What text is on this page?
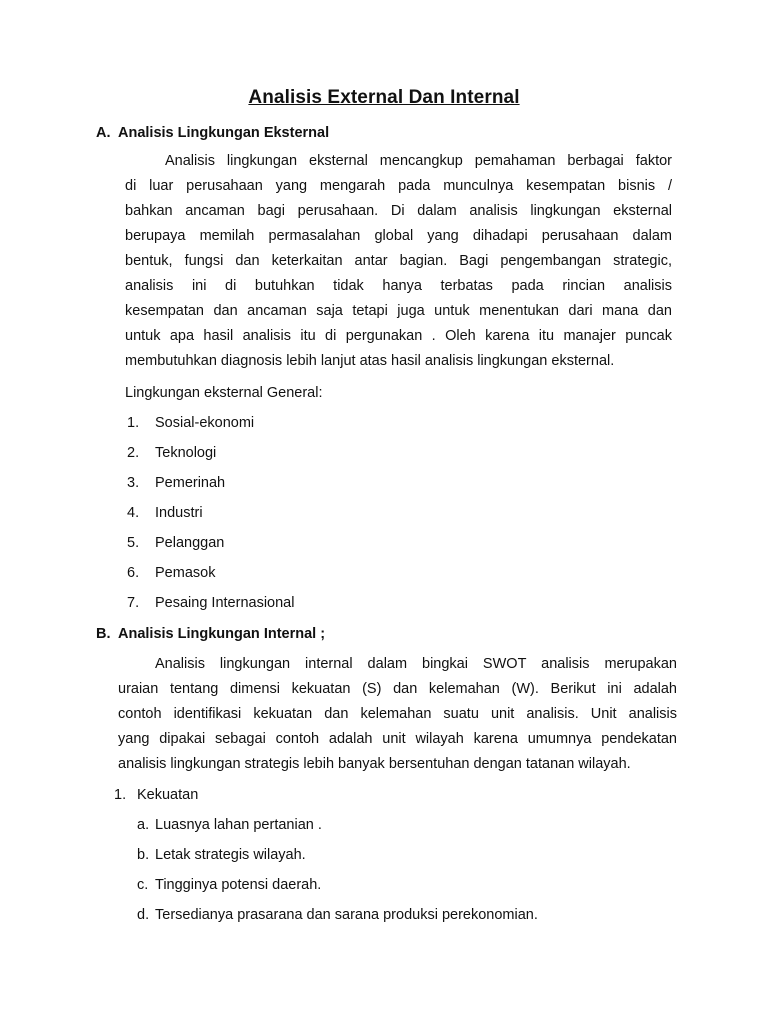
Analisis External Dan Internal
A. Analisis Lingkungan Eksternal
Analisis lingkungan eksternal mencangkup pemahaman berbagai faktor
di luar perusahaan yang mengarah pada munculnya kesempatan bisnis /
bahkan ancaman bagi perusahaan. Di dalam analisis lingkungan eksternal
berupaya memilah permasalahan global yang dihadapi perusahaan dalam
bentuk, fungsi dan keterkaitan antar bagian. Bagi pengembangan strategic,
analisis ini di butuhkan tidak hanya terbatas pada rincian analisis
kesempatan dan ancaman saja tetapi juga untuk menentukan dari mana dan
untuk apa hasil analisis itu di pergunakan . Oleh karena itu manajer puncak
membutuhkan diagnosis lebih lanjut atas hasil analisis lingkungan eksternal.
Lingkungan eksternal General:
1. Sosial-ekonomi
2. Teknologi
3. Pemerinah
4. Industri
5. Pelanggan
6. Pemasok
7. Pesaing Internasional
B. Analisis Lingkungan Internal ;
Analisis lingkungan internal dalam bingkai SWOT analisis merupakan
uraian tentang dimensi kekuatan (S) dan kelemahan (W). Berikut ini adalah
contoh identifikasi kekuatan dan kelemahan suatu unit analisis. Unit analisis
yang dipakai sebagai contoh adalah unit wilayah karena umumnya pendekatan
analisis lingkungan strategis lebih banyak bersentuhan dengan tatanan wilayah.
1. Kekuatan
a. Luasnya lahan pertanian .
b. Letak strategis wilayah.
c. Tingginya potensi daerah.
d. Tersedianya prasarana dan sarana produksi perekonomian.
